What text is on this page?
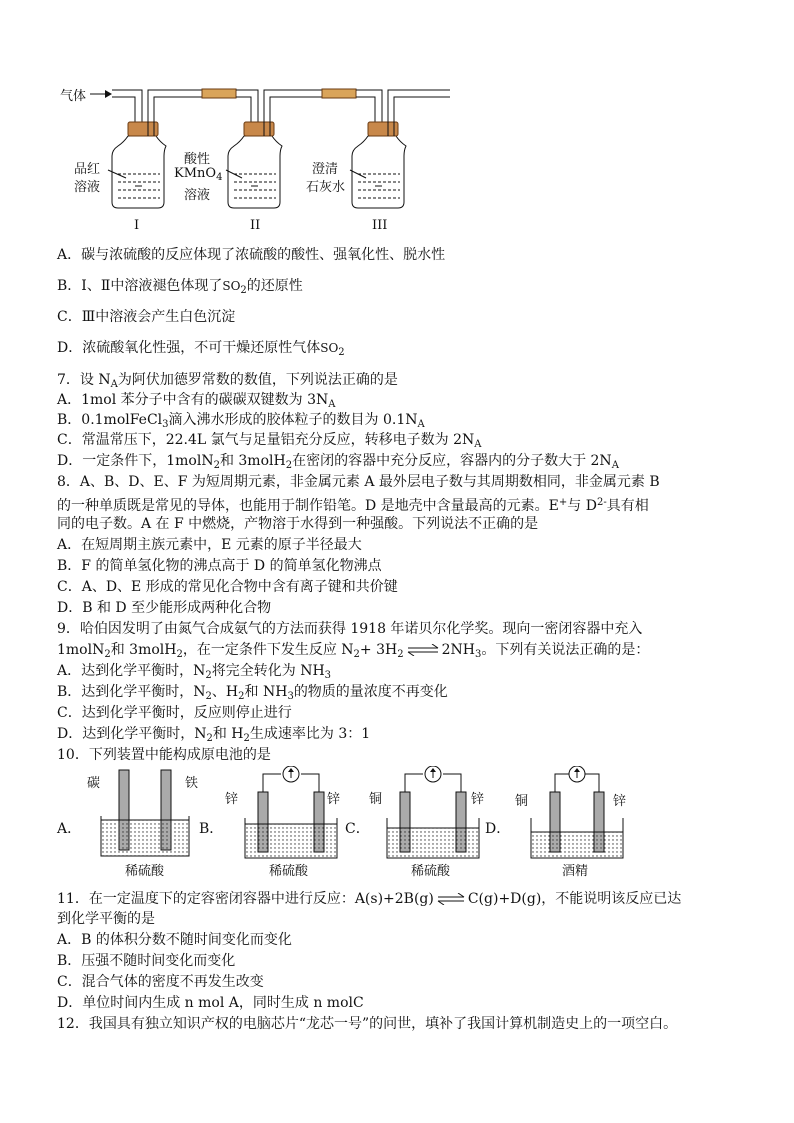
气体
品红
溶液
酸性
KMnO$_4$
溶液
澄清
石灰水
I	II	III
A．碳与浓硫酸的反应体现了浓硫酸的酸性、强氧化性、脱水性
B．Ⅰ、Ⅱ中溶液褪色体现了$SO_2$的还原性
C．Ⅲ中溶液会产生白色沉淀
D．浓硫酸氧化性强，不可干燥还原性气体$SO_2$
7．设 $N_A$为阿伏加德罗常数的数值，下列说法正确的是
A．1mol 苯分子中含有的碳碳双键数为 $3N_A$
B．0.1molFeCl$_3$滴入沸水形成的胶体粒子的数目为 $0.1N_A$
C．常温常压下，22.4L 氯气与足量铝充分反应，转移电子数为 $2N_A$
D．一定条件下，1molN$_2$和 3molH$_2$在密闭的容器中充分反应，容器内的分子数大于 $2N_A$
8．A、B、D、E、F 为短周期元素，非金属元素 A 最外层电子数与其周期数相同，非金属元素 B
的一种单质既是常见的导体，也能用于制作铅笔。D 是地壳中含量最高的元素。E+与 $D^{2-}$具有相
同的电子数。A 在 F 中燃烧，产物溶于水得到一种强酸。下列说法不正确的是
A．在短周期主族元素中，E 元素的原子半径最大
B．F 的简单氢化物的沸点高于 D 的简单氢化物沸点
C．A、D、E 形成的常见化合物中含有离子键和共价键
D．B 和 D 至少能形成两种化合物
9．哈伯因发明了由氮气合成氨气的方法而获得 1918 年诺贝尔化学奖。现向一密闭容器中充入
1molN$_2$和 3molH$_2$，在一定条件下发生反应 $N_2+ 3H_2$ ⇌ $2NH_3$。下列有关说法正确的是：
A．达到化学平衡时，$N_2$将完全转化为 $NH_3$
B．达到化学平衡时，$N_2$、$H_2$和 $NH_3$的物质的量浓度不再变化
C．达到化学平衡时，反应则停止进行
D．达到化学平衡时，$N_2$和 $H_2$生成速率比为 3：1
10．下列装置中能构成原电池的是
A．
碳	铁
稀硫酸
B．
锌	锌
稀硫酸
C．
铜	锌
稀硫酸
D．
铜	锌
酒精
11．在一定温度下的定容密闭容器中进行反应：A(s)+2B(g) ⇌ C(g)+D(g)，不能说明该反应已达
到化学平衡的是
A．B 的体积分数不随时间变化而变化
B．压强不随时间变化而变化
C．混合气体的密度不再发生改变
D．单位时间内生成 n mol A，同时生成 n molC
12．我国具有独立知识产权的电脑芯片“龙芯一号”的问世，填补了我国计算机制造史上的一项空白。
